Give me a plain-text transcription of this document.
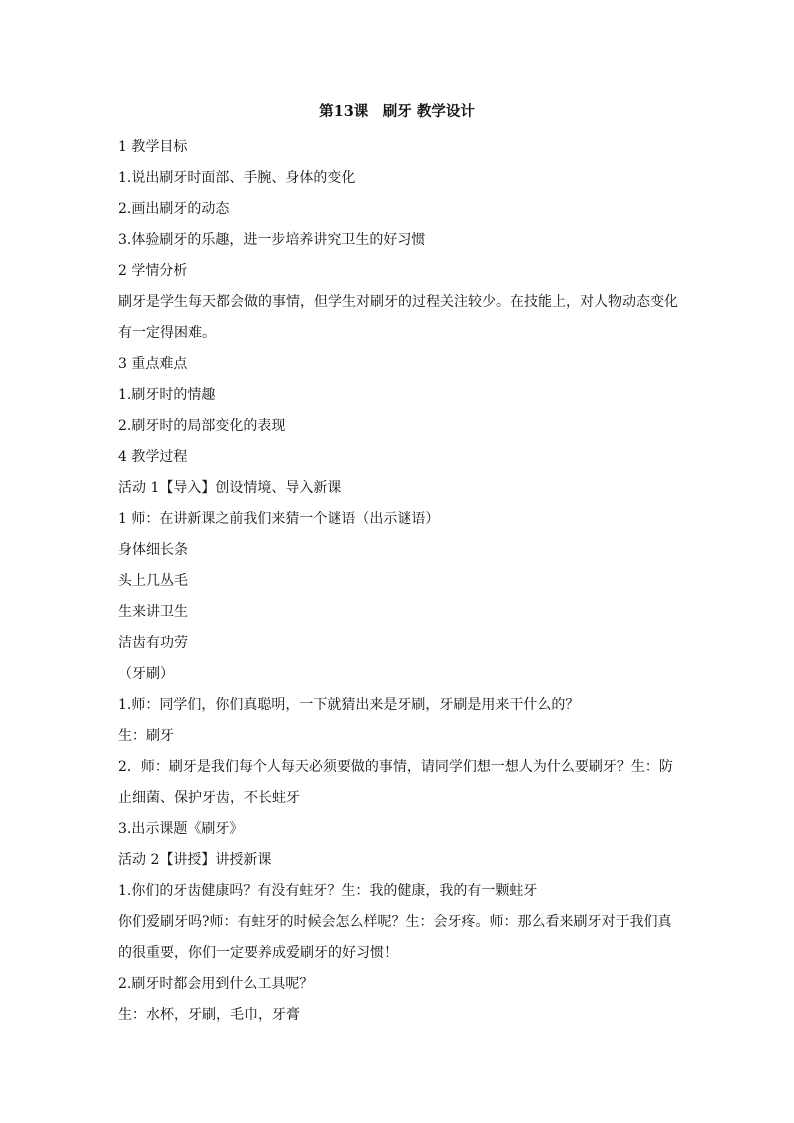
第13课　刷牙 教学设计
1 教学目标
1.说出刷牙时面部、手腕、身体的变化
2.画出刷牙的动态
3.体验刷牙的乐趣，进一步培养讲究卫生的好习惯
2 学情分析
刷牙是学生每天都会做的事情，但学生对刷牙的过程关注较少。在技能上，对人物动态变化
有一定得困难。
3 重点难点
1.刷牙时的情趣
2.刷牙时的局部变化的表现
4 教学过程
活动 1【导入】创设情境、导入新课
1 师：在讲新课之前我们来猜一个谜语（出示谜语）
身体细长条
头上几丛毛
生来讲卫生
洁齿有功劳
（牙刷）
1.师：同学们，你们真聪明，一下就猜出来是牙刷，牙刷是用来干什么的？
生：刷牙
2．师：刷牙是我们每个人每天必须要做的事情，请同学们想一想人为什么要刷牙？生：防
止细菌、保护牙齿，不长蛀牙
3.出示课题《刷牙》
活动 2【讲授】讲授新课
1.你们的牙齿健康吗？有没有蛀牙？生：我的健康，我的有一颗蛀牙
你们爱刷牙吗?师：有蛀牙的时候会怎么样呢？生：会牙疼。师：那么看来刷牙对于我们真
的很重要，你们一定要养成爱刷牙的好习惯！
2.刷牙时都会用到什么工具呢？
生：水杯，牙刷，毛巾，牙膏
